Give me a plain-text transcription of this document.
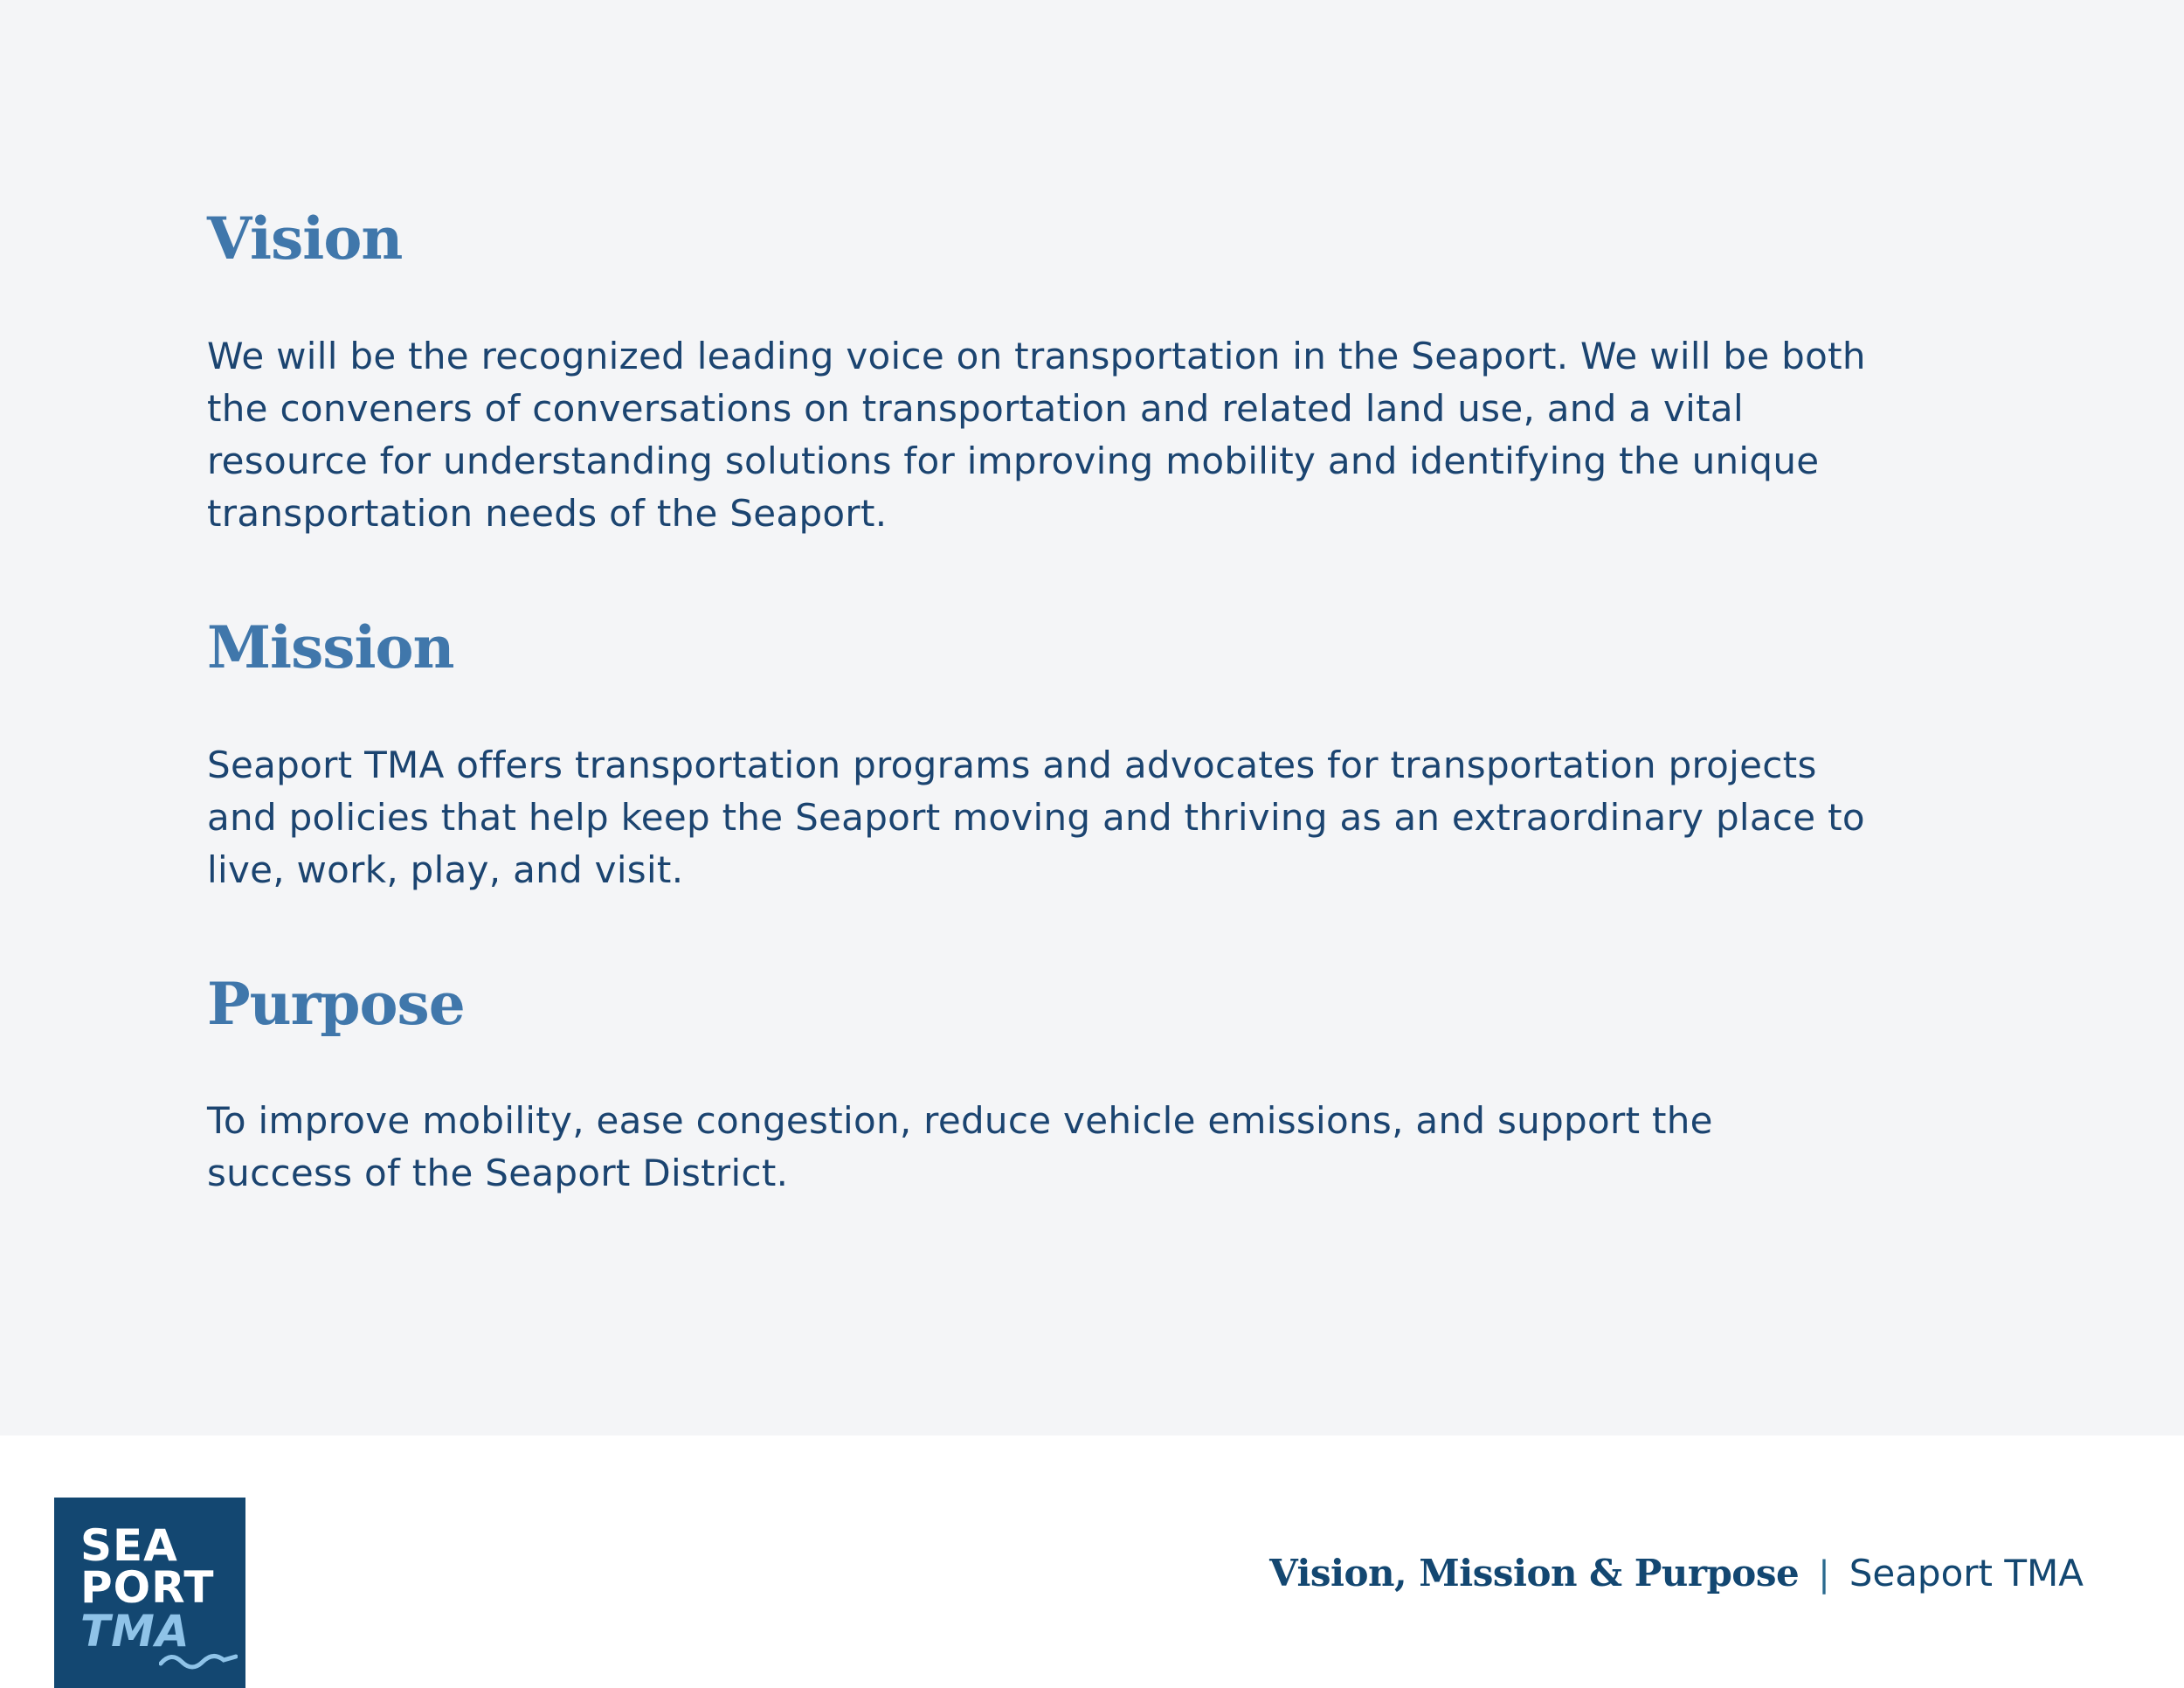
Vision

We will be the recognized leading voice on transportation in the Seaport. We will be both the conveners of conversations on transportation and related land use, and a vital resource for understanding solutions for improving mobility and identifying the unique transportation needs of the Seaport.

Mission

Seaport TMA offers transportation programs and advocates for transportation projects and policies that help keep the Seaport moving and thriving as an extraordinary place to live, work, play, and visit.

Purpose

To improve mobility, ease congestion, reduce vehicle emissions, and support the success of the Seaport District.

SEA
PORT
TMA
Vision, Mission & Purpose | Seaport TMA
